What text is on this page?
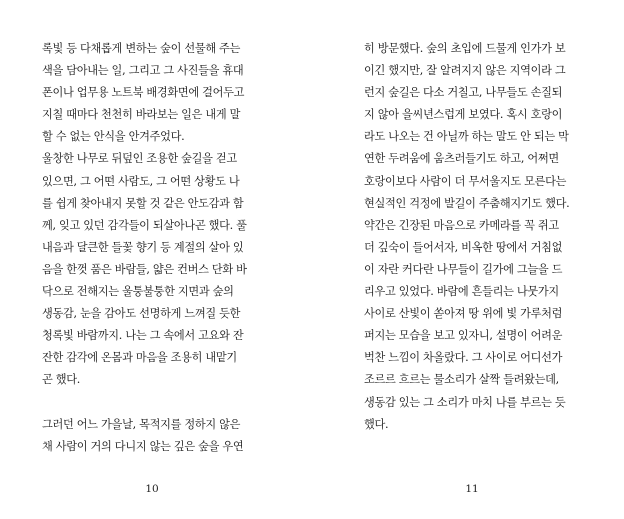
록빛 등 다채롭게 변하는 숲이 선물해 주는
색을 담아내는 일, 그리고 그 사진들을 휴대
폰이나 업무용 노트북 배경화면에 걸어두고
지칠 때마다 천천히 바라보는 일은 내게 말
할 수 없는 안식을 안겨주었다.
울창한 나무로 뒤덮인 조용한 숲길을 걷고
있으면, 그 어떤 사람도, 그 어떤 상황도 나
를 쉽게 찾아내지 못할 것 같은 안도감과 함
께, 잊고 있던 감각들이 되살아나곤 했다. 풀
내음과 달큰한 들꽃 향기 등 계절의 살아 있
음을 한껏 품은 바람들, 얇은 컨버스 단화 바
닥으로 전해지는 울퉁불퉁한 지면과 숲의
생동감, 눈을 감아도 선명하게 느껴질 듯한
청록빛 바람까지. 나는 그 속에서 고요와 잔
잔한 감각에 온몸과 마음을 조용히 내맡기
곤 했다.
그러던 어느 가을날, 목적지를 정하지 않은
채 사람이 거의 다니지 않는 깊은 숲을 우연
10
히 방문했다. 숲의 초입에 드물게 인가가 보
이긴 했지만, 잘 알려지지 않은 지역이라 그
런지 숲길은 다소 거칠고, 나무들도 손질되
지 않아 을씨년스럽게 보였다. 혹시 호랑이
라도 나오는 건 아닐까 하는 말도 안 되는 막
연한 두려움에 움츠러들기도 하고, 어쩌면
호랑이보다 사람이 더 무서울지도 모른다는
현실적인 걱정에 발길이 주춤해지기도 했다.
약간은 긴장된 마음으로 카메라를 꼭 쥐고
더 깊숙이 들어서자, 비옥한 땅에서 거침없
이 자란 커다란 나무들이 길가에 그늘을 드
리우고 있었다. 바람에 흔들리는 나뭇가지
사이로 산빛이 쏟아져 땅 위에 빛 가루처럼
퍼지는 모습을 보고 있자니, 설명이 어려운
벅찬 느낌이 차올랐다. 그 사이로 어디선가
조르르 흐르는 물소리가 살짝 들려왔는데,
생동감 있는 그 소리가 마치 나를 부르는 듯
했다.
11
